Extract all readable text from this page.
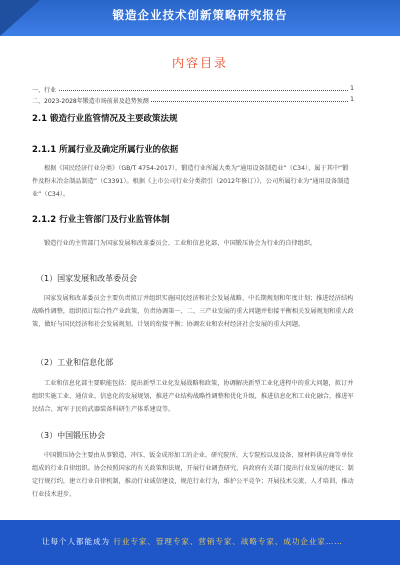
锻造企业技术创新策略研究报告
内容目录
一、行业	1
二、2023-2028年锻造市场前景及趋势预测	1
2.1 锻造行业监管情况及主要政策法规
2.1.1 所属行业及确定所属行业的依据

根据《国民经济行业分类》（GB/T 4754-2017），锻造行业所属大类为“通用设备制造业”（C34），属于其中“锻件及粉末冶金制品制造”（C3391）。根据《上市公司行业分类指引（2012年修订）》，公司所属行业为“通用设备制造业”（C34）。

2.1.2 行业主管部门及行业监管体制

锻造行业的主管部门为国家发展和改革委员会、工业和信息化部，中国锻压协会为行业的自律组织。

（1）国家发展和改革委员会

国家发展和改革委员会主要负责拟订并组织实施国民经济和社会发展战略、中长期规划和年度计划；推进经济结构战略性调整，组织拟订综合性产业政策，负责协调第一、二、三产业发展的重大问题并衔接平衡相关发展规划和重大政策，做好与国民经济和社会发展规划、计划的衔接平衡；协调农业和农村经济社会发展的重大问题。

（2）工业和信息化部

工业和信息化部主要职能包括：提出新型工业化发展战略和政策，协调解决新型工业化进程中的重大问题，拟订并组织实施工业、通信业、信息化的发展规划，推进产业结构战略性调整和优化升级，推进信息化和工业化融合，推进军民结合、寓军于民的武器装备科研生产体系建设等。

（3）中国锻压协会

中国锻压协会主要由从事锻造、冲压、钣金成形加工的企业、研究院所、大专院校以及设备、原材料供应商等单位组成的行业自律组织。协会按照国家的有关政策和法规，开展行业调查研究，向政府有关部门提出行业发展的建议；制定行规行约，建立行业自律机制，推动行业诚信建设，规范行业行为，维护公平竞争；开展技术交流、人才培训，推动行业技术进步。

让每个人都能成为 行业专家、管理专家、营销专家、战略专家、成功企业家……
